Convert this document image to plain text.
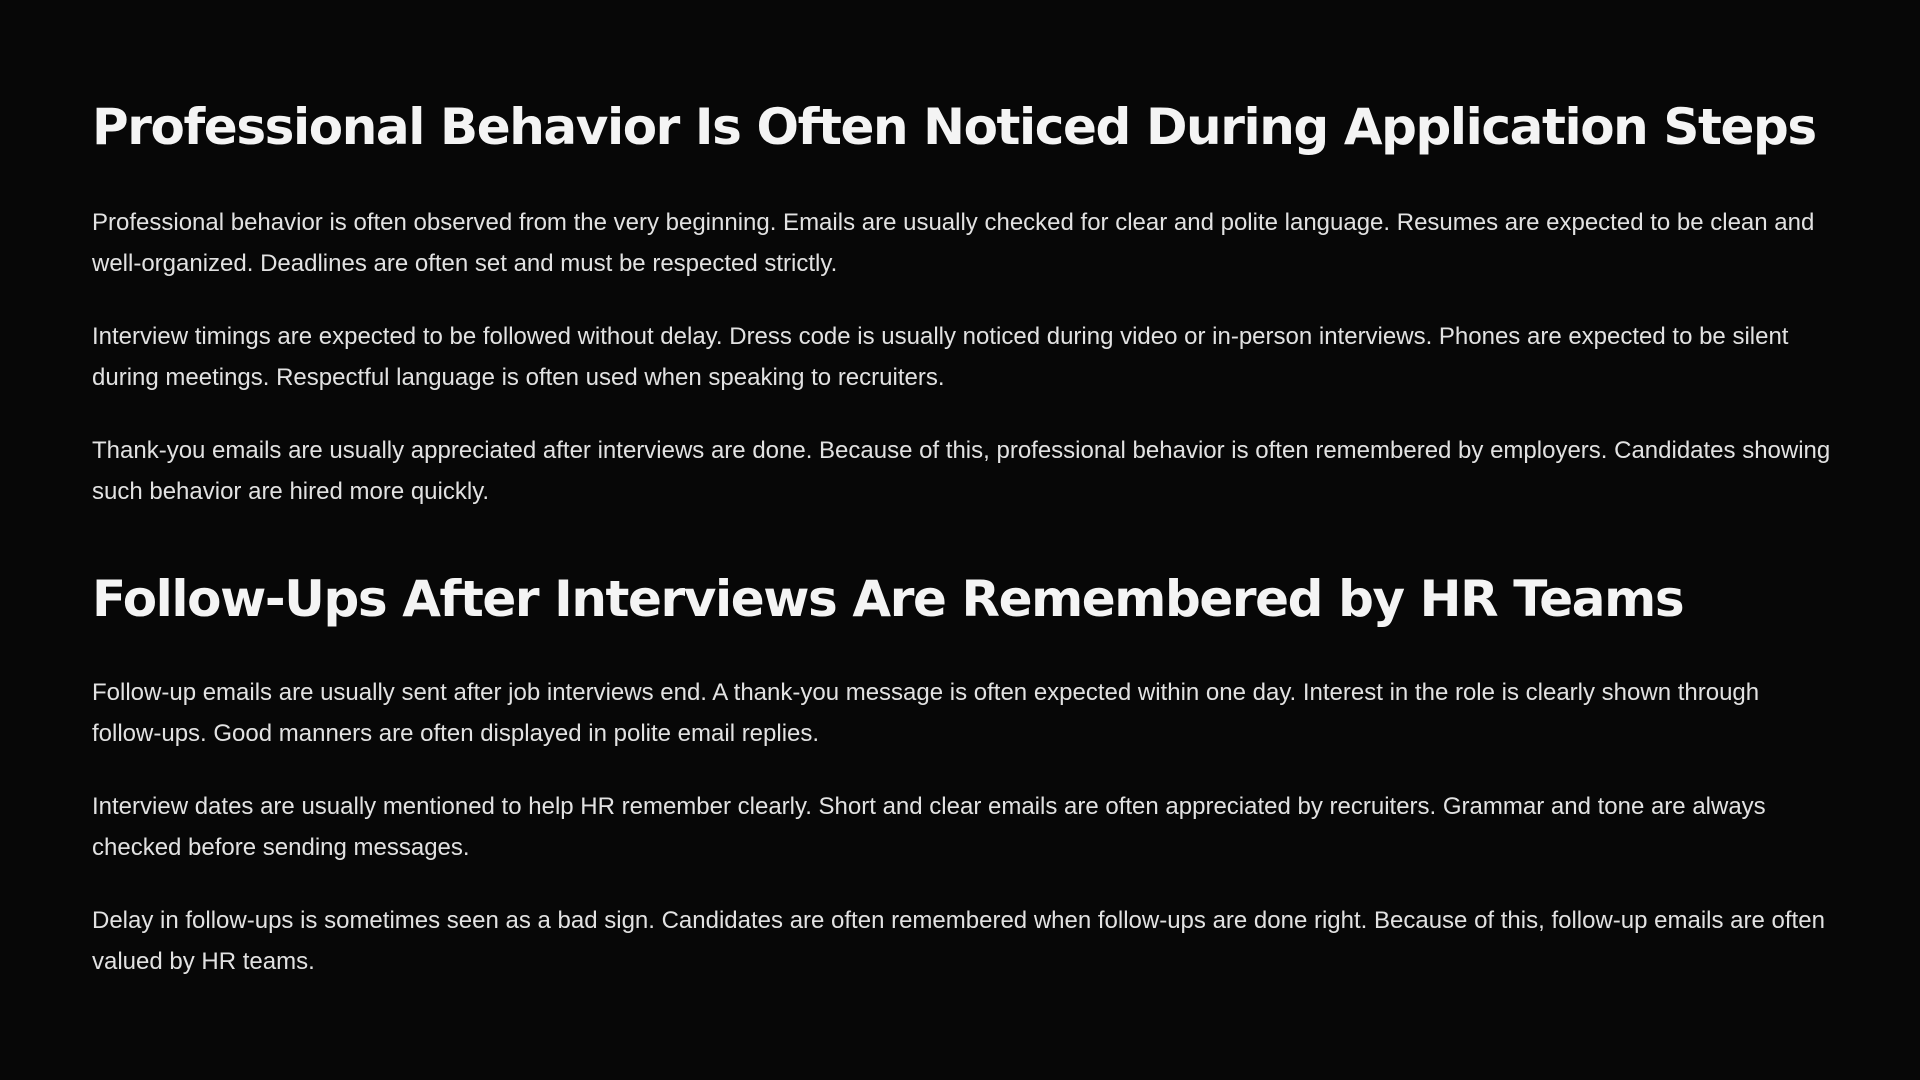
Professional Behavior Is Often Noticed During Application Steps

Professional behavior is often observed from the very beginning. Emails are usually checked for clear and polite language. Resumes are expected to be clean and well-organized. Deadlines are often set and must be respected strictly.

Interview timings are expected to be followed without delay. Dress code is usually noticed during video or in-person interviews. Phones are expected to be silent during meetings. Respectful language is often used when speaking to recruiters.

Thank-you emails are usually appreciated after interviews are done. Because of this, professional behavior is often remembered by employers. Candidates showing such behavior are hired more quickly.

Follow-Ups After Interviews Are Remembered by HR Teams

Follow-up emails are usually sent after job interviews end. A thank-you message is often expected within one day. Interest in the role is clearly shown through follow-ups. Good manners are often displayed in polite email replies.

Interview dates are usually mentioned to help HR remember clearly. Short and clear emails are often appreciated by recruiters. Grammar and tone are always checked before sending messages.

Delay in follow-ups is sometimes seen as a bad sign. Candidates are often remembered when follow-ups are done right. Because of this, follow-up emails are often valued by HR teams.
